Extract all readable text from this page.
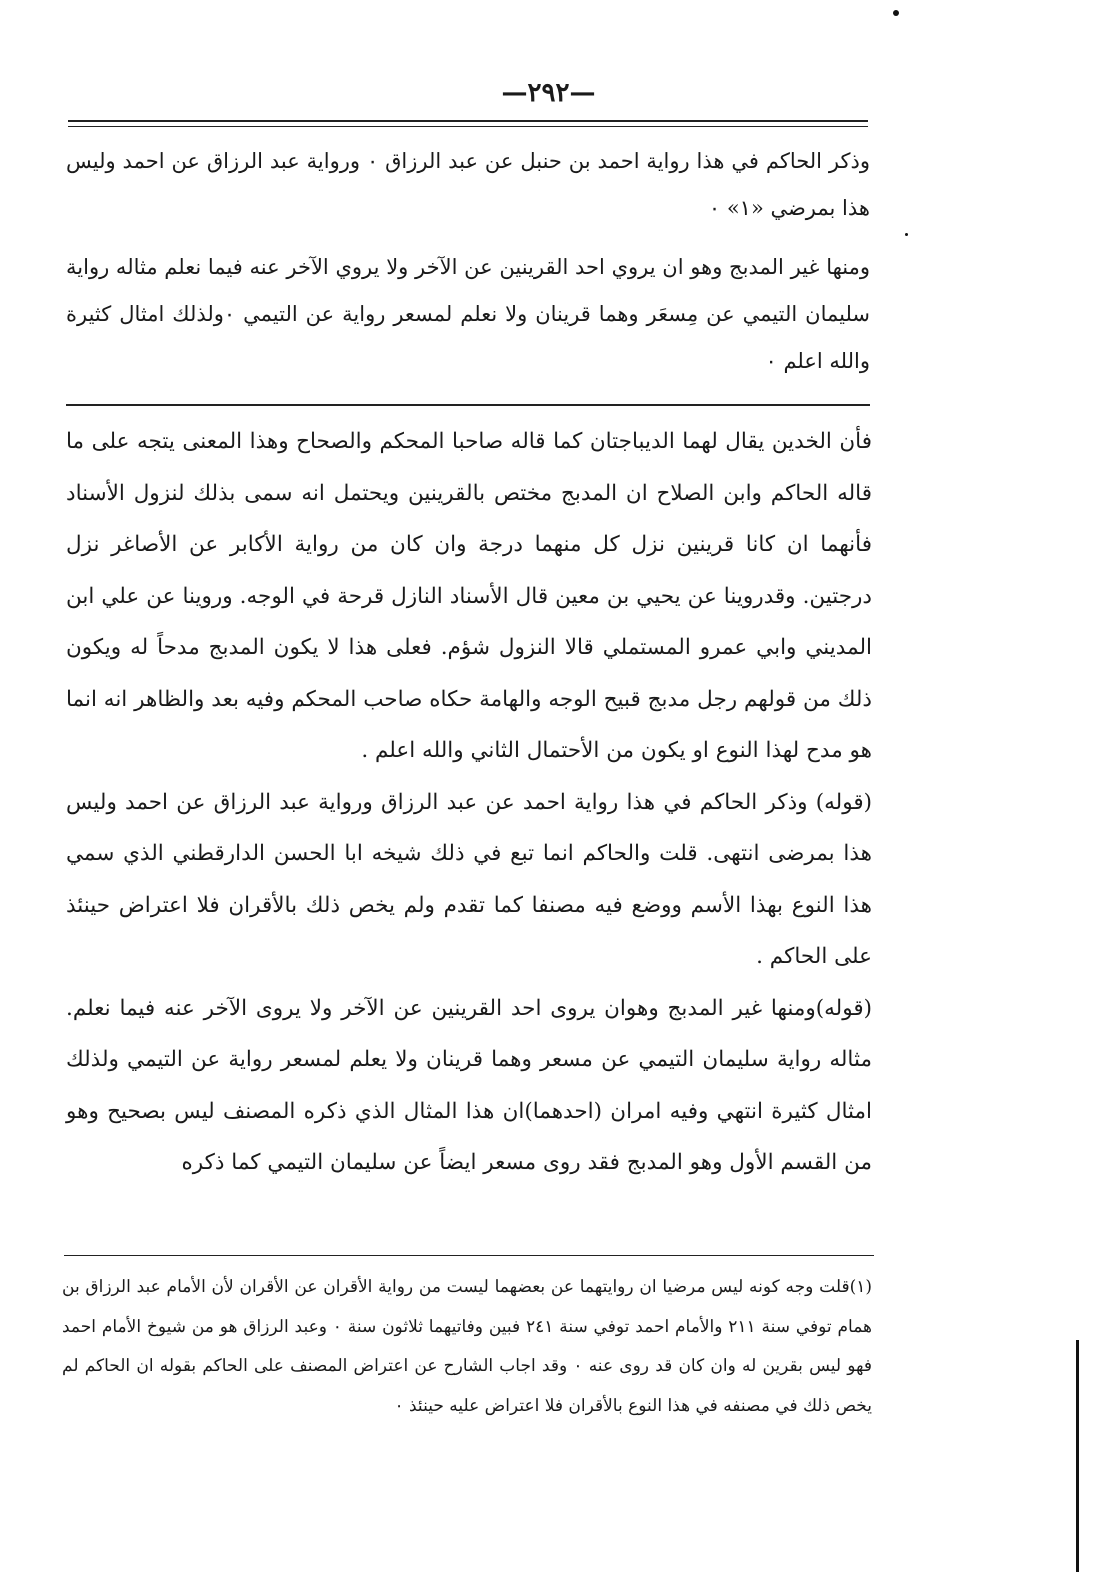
—٢٩٢—

وذكر الحاكم في هذا رواية احمد بن حنبل عن عبد الرزاق ٠ ورواية عبد الرزاق عن احمد وليس هذا بمرضي «١» ٠

ومنها غير المدبج وهو ان يروي احد القرينين عن الآخر ولا يروي الآخر عنه فيما نعلم مثاله رواية سليمان التيمي عن مِسعَر وهما قرينان ولا نعلم لمسعر رواية عن التيمي ٠ولذلك امثال كثيرة والله اعلم ٠

فأن الخدين يقال لهما الديباجتان كما قاله صاحبا المحكم والصحاح وهذا المعنى يتجه على ما قاله الحاكم وابن الصلاح ان المدبج مختص بالقرينين ويحتمل انه سمى بذلك لنزول الأسناد فأنهما ان كانا قرينين نزل كل منهما درجة وان كان من رواية الأكابر عن الأصاغر نزل درجتين. وقدروينا عن يحيي بن معين قال الأسناد النازل قرحة في الوجه. وروينا عن علي ابن المديني وابي عمرو المستملي قالا النزول شؤم. فعلى هذا لا يكون المدبج مدحاً له ويكون ذلك من قولهم رجل مدبج قبيح الوجه والهامة حكاه صاحب المحكم وفيه بعد والظاهر انه انما هو مدح لهذا النوع او يكون من الأحتمال الثاني والله اعلم .

(قوله) وذكر الحاكم في هذا رواية احمد عن عبد الرزاق ورواية عبد الرزاق عن احمد وليس هذا بمرضى انتهى. قلت والحاكم انما تبع في ذلك شيخه ابا الحسن الدارقطني الذي سمي هذا النوع بهذا الأسم ووضع فيه مصنفا كما تقدم ولم يخص ذلك بالأقران فلا اعتراض حينئذ على الحاكم .

(قوله)ومنها غير المدبج وهوان يروى احد القرينين عن الآخر ولا يروى الآخر عنه فيما نعلم. مثاله رواية سليمان التيمي عن مسعر وهما قرينان ولا يعلم لمسعر رواية عن التيمي ولذلك امثال كثيرة انتهي وفيه امران (احدهما)ان هذا المثال الذي ذكره المصنف ليس بصحيح وهو من القسم الأول وهو المدبج فقد روى مسعر ايضاً عن سليمان التيمي كما ذكره

(١)قلت وجه كونه ليس مرضيا ان روايتهما عن بعضهما ليست من رواية الأقران عن الأقران لأن الأمام عبد الرزاق بن همام توفي سنة ٢١١ والأمام احمد توفي سنة ٢٤١ فبين وفاتيهما ثلاثون سنة ٠ وعبد الرزاق هو من شيوخ الأمام احمد فهو ليس بقرين له وان كان قد روى عنه ٠ وقد اجاب الشارح عن اعتراض المصنف على الحاكم بقوله ان الحاكم لم يخص ذلك في مصنفه في هذا النوع بالأقران فلا اعتراض عليه حينئذ ٠
